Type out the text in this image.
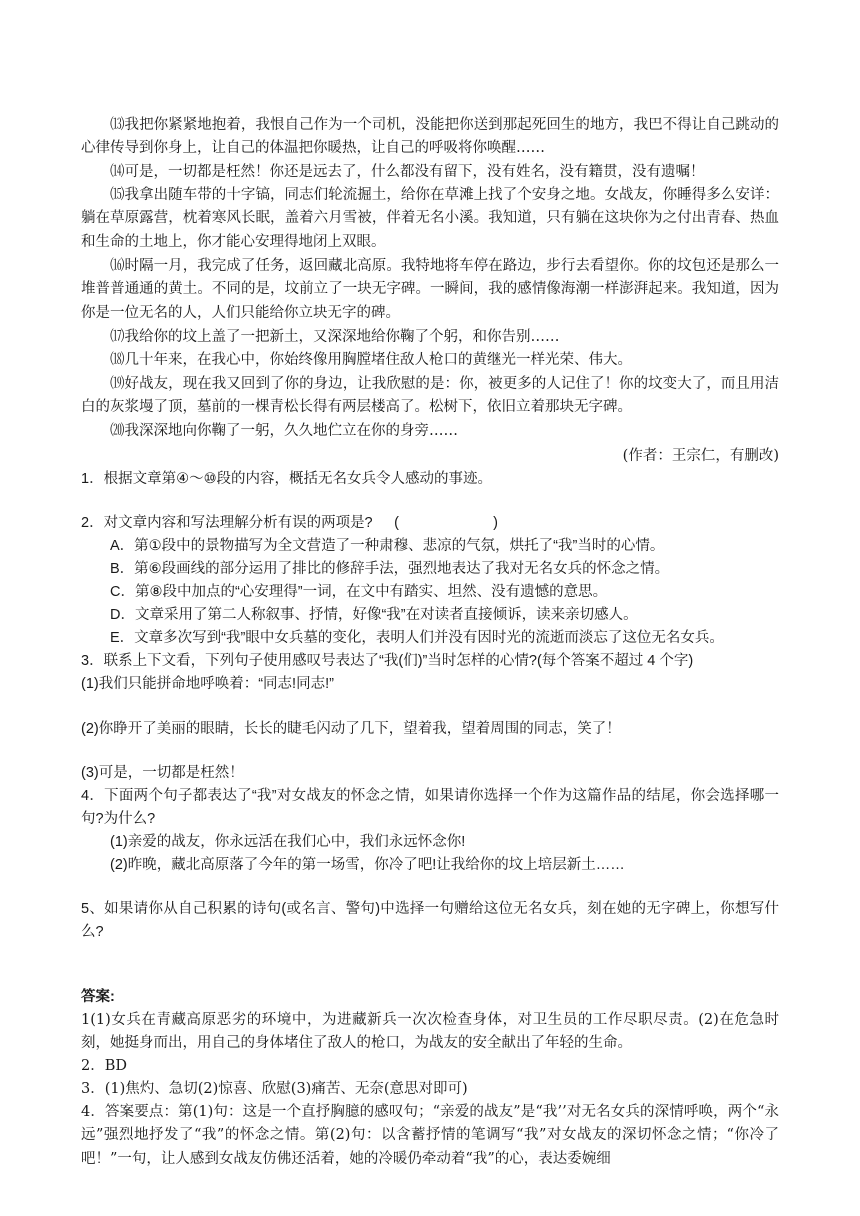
⒀我把你紧紧地抱着，我恨自己作为一个司机，没能把你送到那起死回生的地方，我巴不得让自己跳动的心律传导到你身上，让自己的体温把你暖热，让自己的呼吸将你唤醒……
⒁可是，一切都是枉然！你还是远去了，什么都没有留下，没有姓名，没有籍贯，没有遗嘱！
⒂我拿出随车带的十字镐，同志们轮流掘土，给你在草滩上找了个安身之地。女战友，你睡得多么安详：躺在草原露营，枕着寒风长眠，盖着六月雪被，伴着无名小溪。我知道，只有躺在这块你为之付出青春、热血和生命的土地上，你才能心安理得地闭上双眼。
⒃时隔一月，我完成了任务，返回藏北高原。我特地将车停在路边，步行去看望你。你的坟包还是那么一堆普普通通的黄土。不同的是，坟前立了一块无字碑。一瞬间，我的感情像海潮一样澎湃起来。我知道，因为你是一位无名的人，人们只能给你立块无字的碑。
⒄我给你的坟上盖了一把新土，又深深地给你鞠了个躬，和你告别……
⒅几十年来，在我心中，你始终像用胸膛堵住敌人枪口的黄继光一样光荣、伟大。
⒆好战友，现在我又回到了你的身边，让我欣慰的是：你，被更多的人记住了！你的坟变大了，而且用洁白的灰浆墁了顶，墓前的一棵青松长得有两层楼高了。松树下，依旧立着那块无字碑。
⒇我深深地向你鞠了一躬，久久地伫立在你的身旁……
(作者：王宗仁，有删改)
1．根据文章第④～⑩段的内容，概括无名女兵令人感动的事迹。
2．对文章内容和写法理解分析有误的两项是? (	)
A．第①段中的景物描写为全文营造了一种肃穆、悲凉的气氛，烘托了“我”当时的心情。
B．第⑥段画线的部分运用了排比的修辞手法，强烈地表达了我对无名女兵的怀念之情。
C．第⑧段中加点的“心安理得”一词，在文中有踏实、坦然、没有遗憾的意思。
D．文章采用了第二人称叙事、抒情，好像“我”在对读者直接倾诉，读来亲切感人。
E．文章多次写到“我”眼中女兵墓的变化，表明人们并没有因时光的流逝而淡忘了这位无名女兵。
3．联系上下文看，下列句子使用感叹号表达了“我(们)”当时怎样的心情?(每个答案不超过 4 个字)
(1)我们只能拼命地呼唤着：“同志!同志!”
(2)你睁开了美丽的眼睛，长长的睫毛闪动了几下，望着我，望着周围的同志，笑了！
(3)可是，一切都是枉然！
4．下面两个句子都表达了“我”对女战友的怀念之情，如果请你选择一个作为这篇作品的结尾，你会选择哪一句?为什么?
(1)亲爱的战友，你永远活在我们心中，我们永远怀念你!
(2)昨晚，藏北高原落了今年的第一场雪，你冷了吧!让我给你的坟上培层新土……
5、如果请你从自己积累的诗句(或名言、警句)中选择一句赠给这位无名女兵，刻在她的无字碑上，你想写什么?
答案:
1(1)女兵在青藏高原恶劣的环境中，为进藏新兵一次次检查身体，对卫生员的工作尽职尽责。(2)在危急时刻，她挺身而出，用自己的身体堵住了敌人的枪口，为战友的安全献出了年轻的生命。
2．BD
3．(1)焦灼、急切(2)惊喜、欣慰(3)痛苦、无奈(意思对即可)
4．答案要点：第(1)句：这是一个直抒胸臆的感叹句；“亲爱的战友”是“我’’对无名女兵的深情呼唤，两个“永远”强烈地抒发了“我”的怀念之情。第(2)句：以含蓄抒情的笔调写“我”对女战友的深切怀念之情；“你冷了吧！”一句，让人感到女战友仿佛还活着，她的冷暖仍牵动着“我”的心，表达委婉细
